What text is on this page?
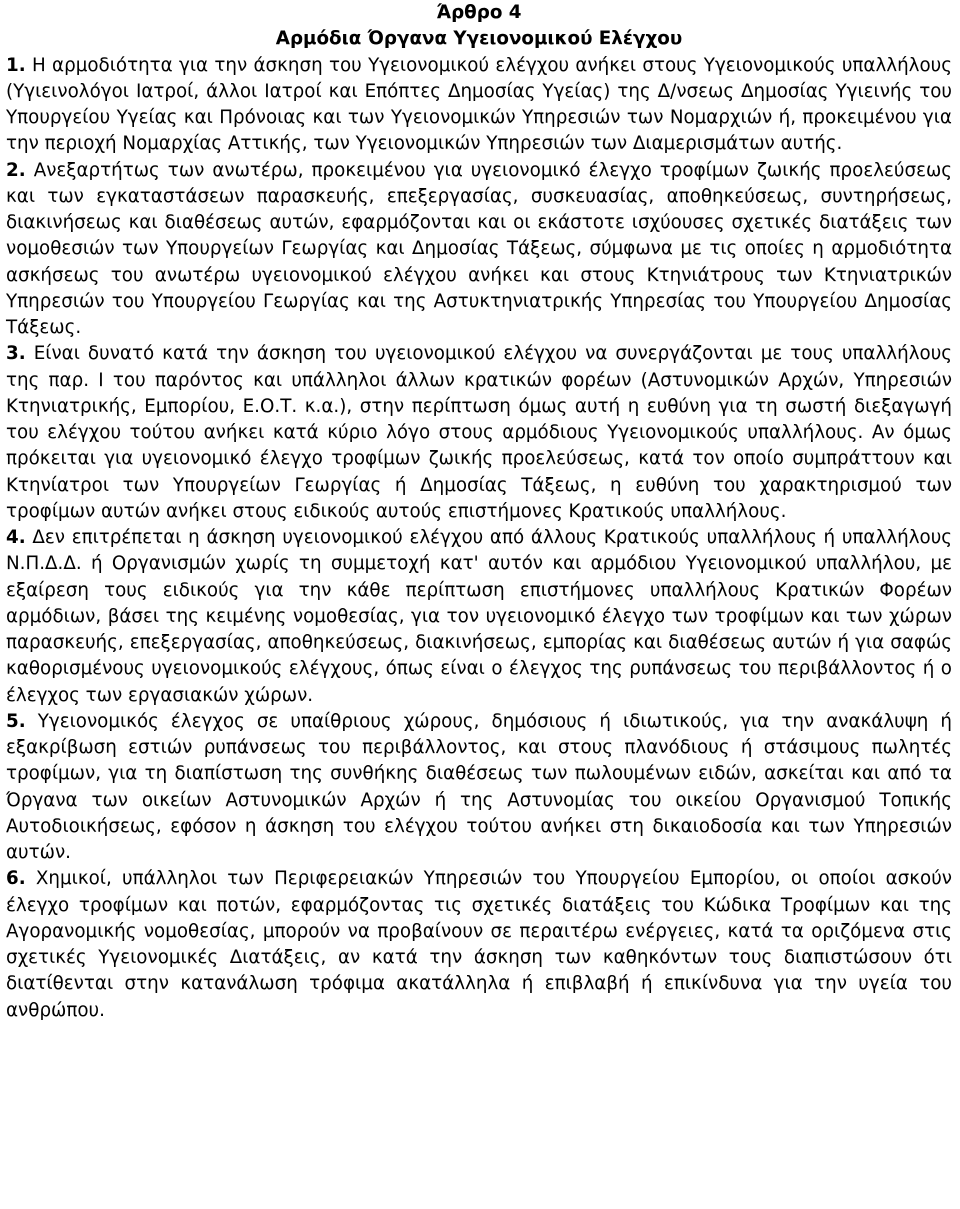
Άρθρο 4
Αρμόδια Όργανα Υγειονομικού Ελέγχου

1. Η αρμοδιότητα για την άσκηση του Υγειονομικού ελέγχου ανήκει στους Υγειονομικούς υπαλλήλους (Υγιεινολόγοι Ιατροί, άλλοι Ιατροί και Επόπτες Δημοσίας Υγείας) της Δ/νσεως Δημοσίας Υγιεινής του Υπουργείου Υγείας και Πρόνοιας και των Υγειονομικών Υπηρεσιών των Νομαρχιών ή, προκειμένου για την περιοχή Νομαρχίας Αττικής, των Υγειονομικών Υπηρεσιών των Διαμερισμάτων αυτής.

2. Ανεξαρτήτως των ανωτέρω, προκειμένου για υγειονομικό έλεγχο τροφίμων ζωικής προελεύσεως και των εγκαταστάσεων παρασκευής, επεξεργασίας, συσκευασίας, αποθηκεύσεως, συντηρήσεως, διακινήσεως και διαθέσεως αυτών, εφαρμόζονται και οι εκάστοτε ισχύουσες σχετικές διατάξεις των νομοθεσιών των Υπουργείων Γεωργίας και Δημοσίας Τάξεως, σύμφωνα με τις οποίες η αρμοδιότητα ασκήσεως του ανωτέρω υγειονομικού ελέγχου ανήκει και στους Κτηνιάτρους των Κτηνιατρικών Υπηρεσιών του Υπουργείου Γεωργίας και της Αστυκτηνιατρικής Υπηρεσίας του Υπουργείου Δημοσίας Τάξεως.

3. Είναι δυνατό κατά την άσκηση του υγειονομικού ελέγχου να συνεργάζονται με τους υπαλλήλους της παρ. Ι του παρόντος και υπάλληλοι άλλων κρατικών φορέων (Αστυνομικών Αρχών, Υπηρεσιών Κτηνιατρικής, Εμπορίου, Ε.Ο.Τ. κ.α.), στην περίπτωση όμως αυτή η ευθύνη για τη σωστή διεξαγωγή του ελέγχου τούτου ανήκει κατά κύριο λόγο στους αρμόδιους Υγειονομικούς υπαλλήλους. Αν όμως πρόκειται για υγειονομικό έλεγχο τροφίμων ζωικής προελεύσεως, κατά τον οποίο συμπράττουν και Κτηνίατροι των Υπουργείων Γεωργίας ή Δημοσίας Τάξεως, η ευθύνη του χαρακτηρισμού των τροφίμων αυτών ανήκει στους ειδικούς αυτούς επιστήμονες Κρατικούς υπαλλήλους.

4. Δεν επιτρέπεται η άσκηση υγειονομικού ελέγχου από άλλους Κρατικούς υπαλλήλους ή υπαλλήλους Ν.Π.Δ.Δ. ή Οργανισμών χωρίς τη συμμετοχή κατ' αυτόν και αρμόδιου Υγειονομικού υπαλλήλου, με εξαίρεση τους ειδικούς για την κάθε περίπτωση επιστήμονες υπαλλήλους Κρατικών Φορέων αρμόδιων, βάσει της κειμένης νομοθεσίας, για τον υγειονομικό έλεγχο των τροφίμων και των χώρων παρασκευής, επεξεργασίας, αποθηκεύσεως, διακινήσεως, εμπορίας και διαθέσεως αυτών ή για σαφώς καθορισμένους υγειονομικούς ελέγχους, όπως είναι ο έλεγχος της ρυπάνσεως του περιβάλλοντος ή ο έλεγχος των εργασιακών χώρων.

5. Υγειονομικός έλεγχος σε υπαίθριους χώρους, δημόσιους ή ιδιωτικούς, για την ανακάλυψη ή εξακρίβωση εστιών ρυπάνσεως του περιβάλλοντος, και στους πλανόδιους ή στάσιμους πωλητές τροφίμων, για τη διαπίστωση της συνθήκης διαθέσεως των πωλουμένων ειδών, ασκείται και από τα Όργανα των οικείων Αστυνομικών Αρχών ή της Αστυνομίας του οικείου Οργανισμού Τοπικής Αυτοδιοικήσεως, εφόσον η άσκηση του ελέγχου τούτου ανήκει στη δικαιοδοσία και των Υπηρεσιών αυτών.

6. Χημικοί, υπάλληλοι των Περιφερειακών Υπηρεσιών του Υπουργείου Εμπορίου, οι οποίοι ασκούν έλεγχο τροφίμων και ποτών, εφαρμόζοντας τις σχετικές διατάξεις του Κώδικα Τροφίμων και της Αγορανομικής νομοθεσίας, μπορούν να προβαίνουν σε περαιτέρω ενέργειες, κατά τα οριζόμενα στις σχετικές Υγειονομικές Διατάξεις, αν κατά την άσκηση των καθηκόντων τους διαπιστώσουν ότι διατίθενται στην κατανάλωση τρόφιμα ακατάλληλα ή επιβλαβή ή επικίνδυνα για την υγεία του ανθρώπου.
